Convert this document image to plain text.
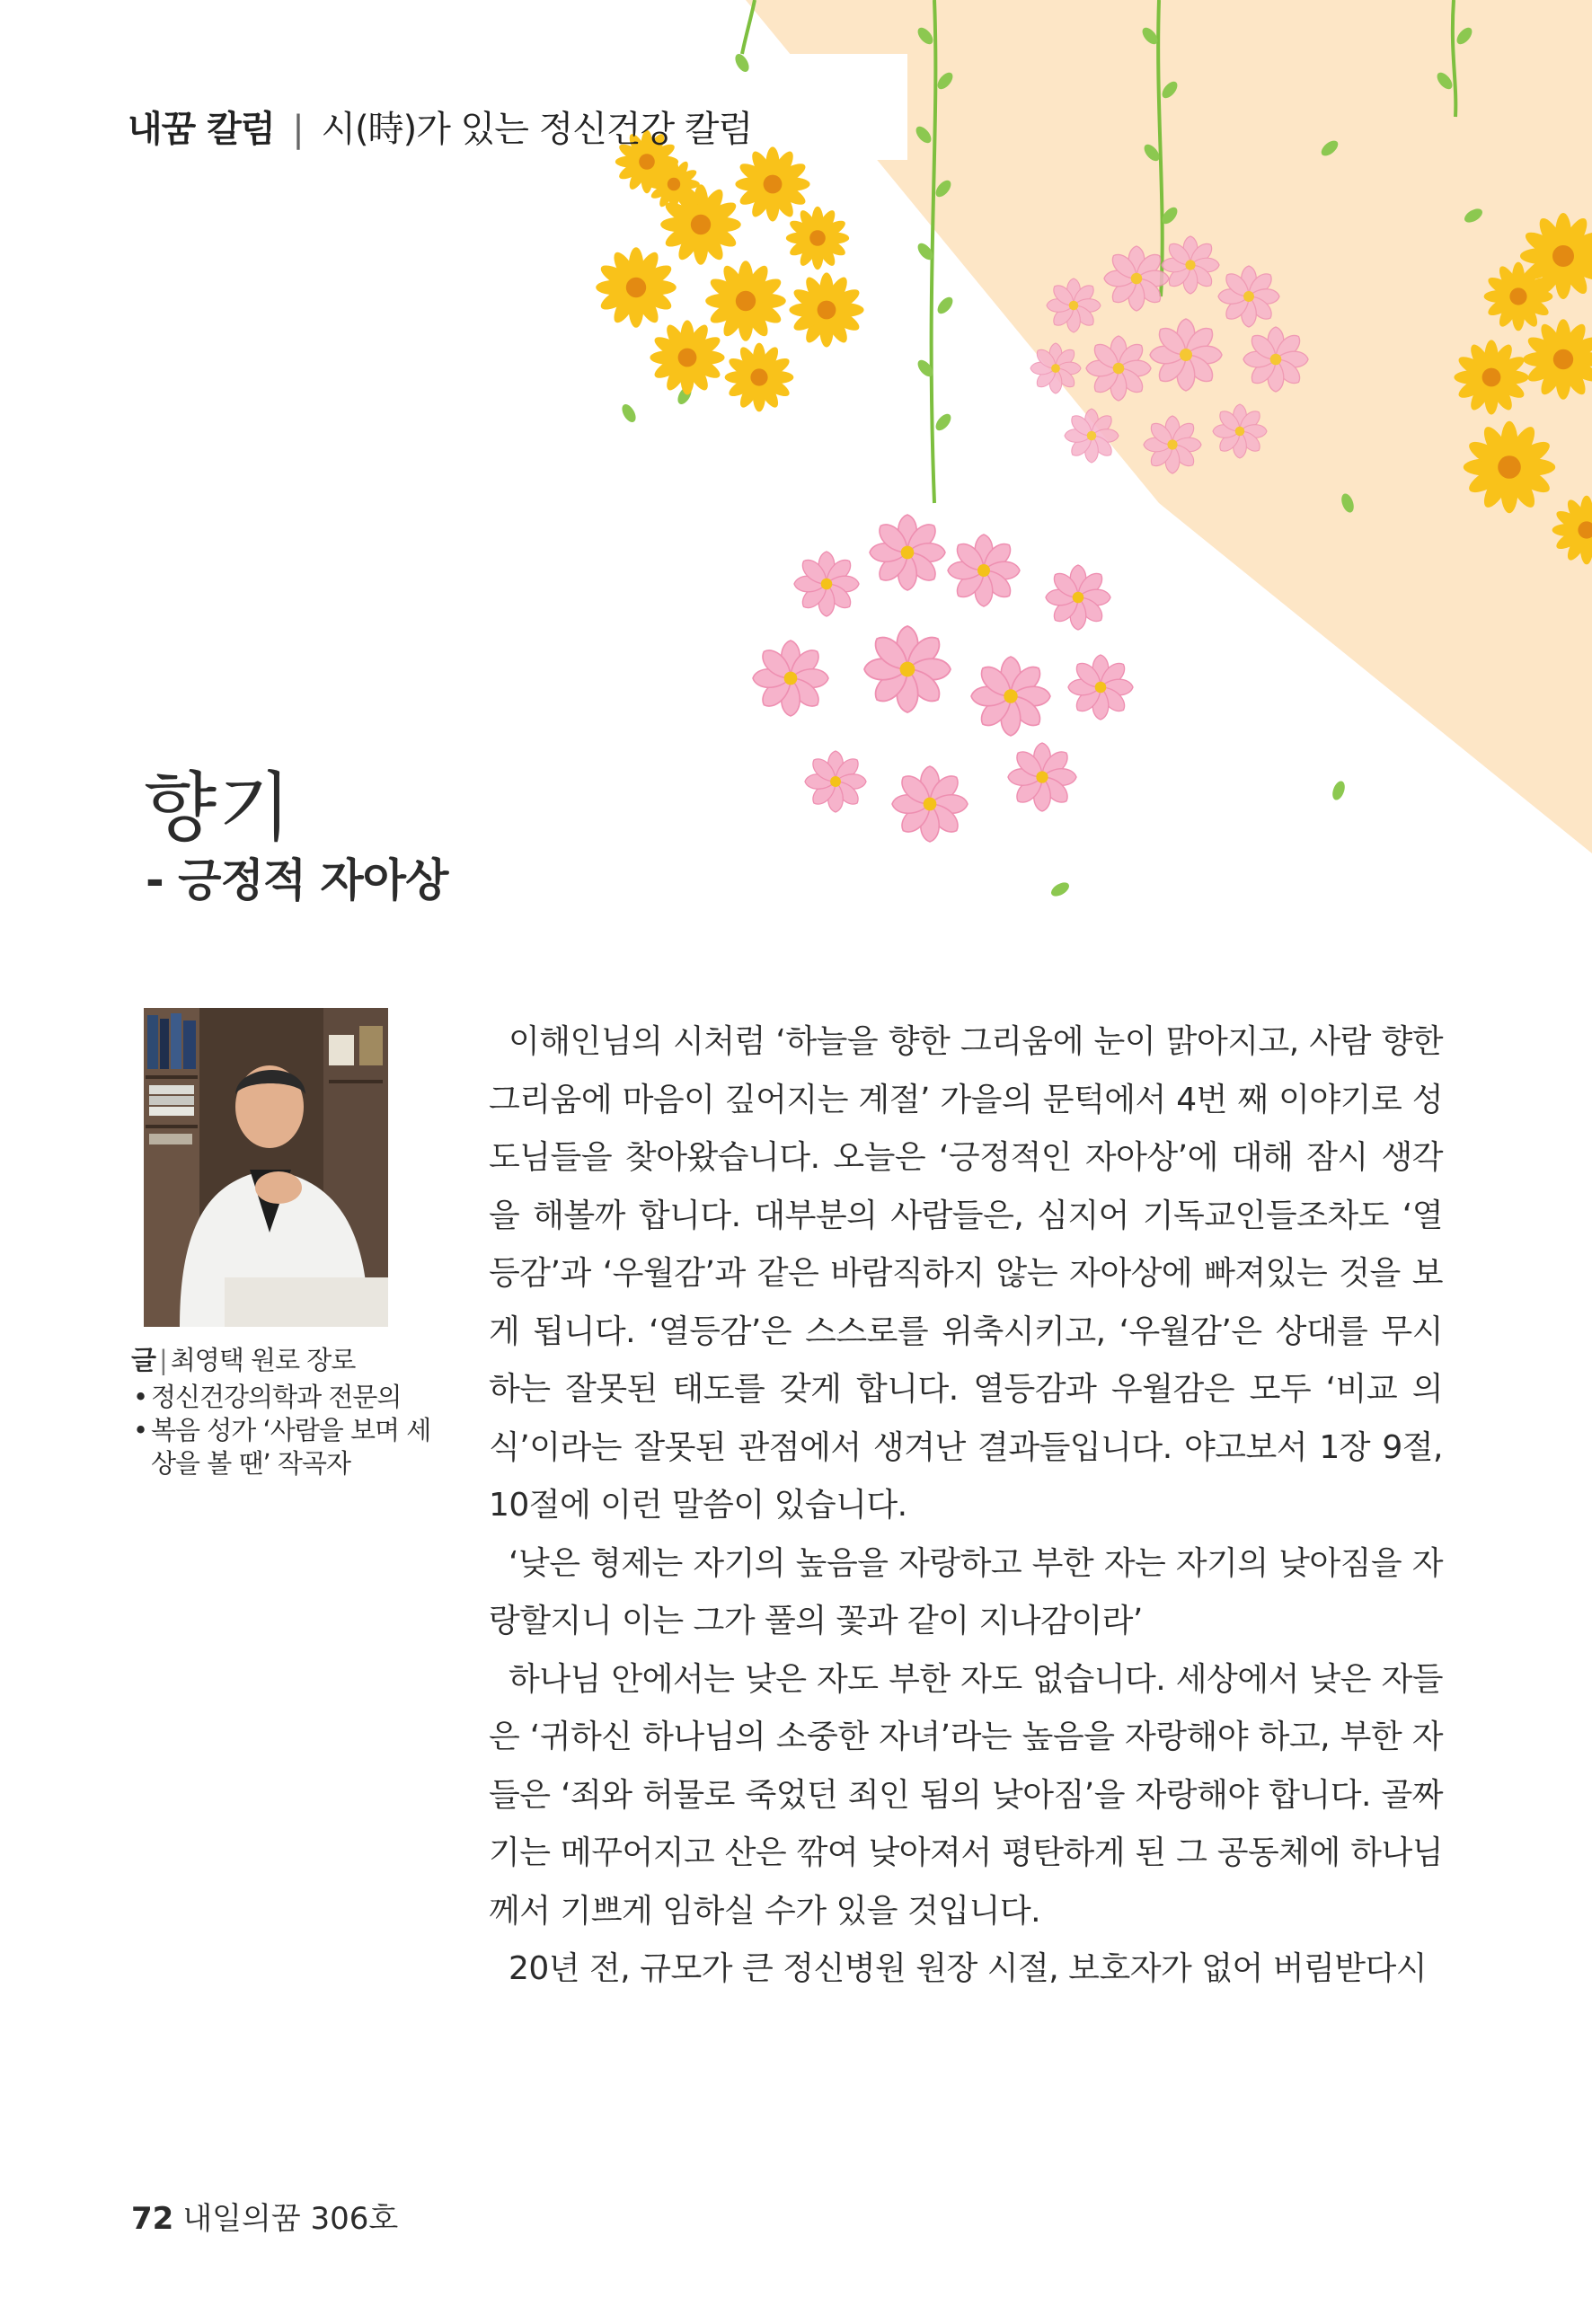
내꿈 칼럼 | 시(時)가 있는 정신건강 칼럼
향기
- 긍정적 자아상
글 | 최영택 원로 장로
• 정신건강의학과 전문의
• 복음 성가 ‘사람을 보며 세상을 볼 땐’ 작곡자

이해인님의 시처럼 ‘하늘을 향한 그리움에 눈이 맑아지고, 사람 향한 그리움에 마음이 깊어지는 계절’ 가을의 문턱에서 4번 째 이야기로 성도님들을 찾아왔습니다. 오늘은 ‘긍정적인 자아상’에 대해 잠시 생각을 해볼까 합니다. 대부분의 사람들은, 심지어 기독교인들조차도 ‘열등감’과 ‘우월감’과 같은 바람직하지 않는 자아상에 빠져있는 것을 보게 됩니다. ‘열등감’은 스스로를 위축시키고, ‘우월감’은 상대를 무시하는 잘못된 태도를 갖게 합니다. 열등감과 우월감은 모두 ‘비교 의식’이라는 잘못된 관점에서 생겨난 결과들입니다. 야고보서 1장 9절, 10절에 이런 말씀이 있습니다.

‘낮은 형제는 자기의 높음을 자랑하고 부한 자는 자기의 낮아짐을 자랑할지니 이는 그가 풀의 꽃과 같이 지나감이라’

하나님 안에서는 낮은 자도 부한 자도 없습니다. 세상에서 낮은 자들은 ‘귀하신 하나님의 소중한 자녀’라는 높음을 자랑해야 하고, 부한 자들은 ‘죄와 허물로 죽었던 죄인 됨의 낮아짐’을 자랑해야 합니다. 골짜기는 메꾸어지고 산은 깎여 낮아져서 평탄하게 된 그 공동체에 하나님께서 기쁘게 임하실 수가 있을 것입니다.

20년 전, 규모가 큰 정신병원 원장 시절, 보호자가 없어 버림받다시

72 내일의꿈 306호
